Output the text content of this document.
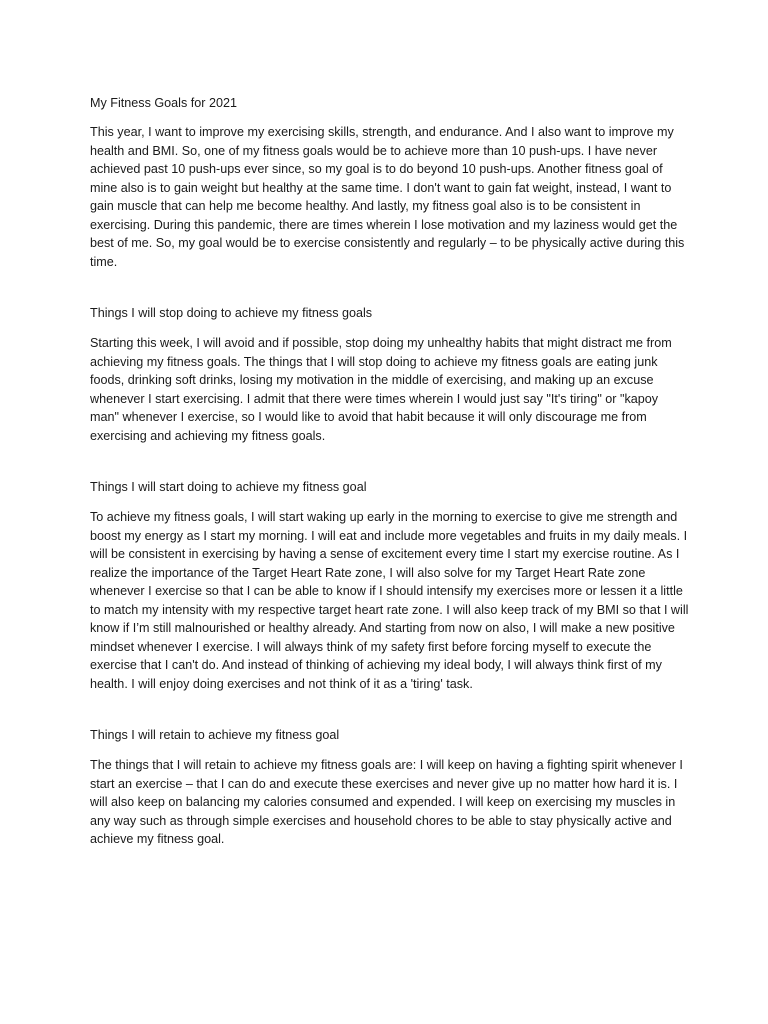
My Fitness Goals for 2021

This year, I want to improve my exercising skills, strength, and endurance. And I also want to improve my health and BMI. So, one of my fitness goals would be to achieve more than 10 push-ups. I have never achieved past 10 push-ups ever since, so my goal is to do beyond 10 push-ups. Another fitness goal of mine also is to gain weight but healthy at the same time. I don't want to gain fat weight, instead, I want to gain muscle that can help me become healthy. And lastly, my fitness goal also is to be consistent in exercising. During this pandemic, there are times wherein I lose motivation and my laziness would get the best of me. So, my goal would be to exercise consistently and regularly – to be physically active during this time.

Things I will stop doing to achieve my fitness goals

Starting this week, I will avoid and if possible, stop doing my unhealthy habits that might distract me from achieving my fitness goals. The things that I will stop doing to achieve my fitness goals are eating junk foods, drinking soft drinks, losing my motivation in the middle of exercising, and making up an excuse whenever I start exercising. I admit that there were times wherein I would just say "It's tiring" or "kapoy man" whenever I exercise, so I would like to avoid that habit because it will only discourage me from exercising and achieving my fitness goals.

Things I will start doing to achieve my fitness goal

To achieve my fitness goals, I will start waking up early in the morning to exercise to give me strength and boost my energy as I start my morning. I will eat and include more vegetables and fruits in my daily meals. I will be consistent in exercising by having a sense of excitement every time I start my exercise routine. As I realize the importance of the Target Heart Rate zone, I will also solve for my Target Heart Rate zone whenever I exercise so that I can be able to know if I should intensify my exercises more or lessen it a little to match my intensity with my respective target heart rate zone. I will also keep track of my BMI so that I will know if I’m still malnourished or healthy already. And starting from now on also, I will make a new positive mindset whenever I exercise. I will always think of my safety first before forcing myself to execute the exercise that I can't do. And instead of thinking of achieving my ideal body, I will always think first of my health. I will enjoy doing exercises and not think of it as a 'tiring' task.

Things I will retain to achieve my fitness goal

The things that I will retain to achieve my fitness goals are: I will keep on having a fighting spirit whenever I start an exercise – that I can do and execute these exercises and never give up no matter how hard it is. I will also keep on balancing my calories consumed and expended. I will keep on exercising my muscles in any way such as through simple exercises and household chores to be able to stay physically active and achieve my fitness goal.
